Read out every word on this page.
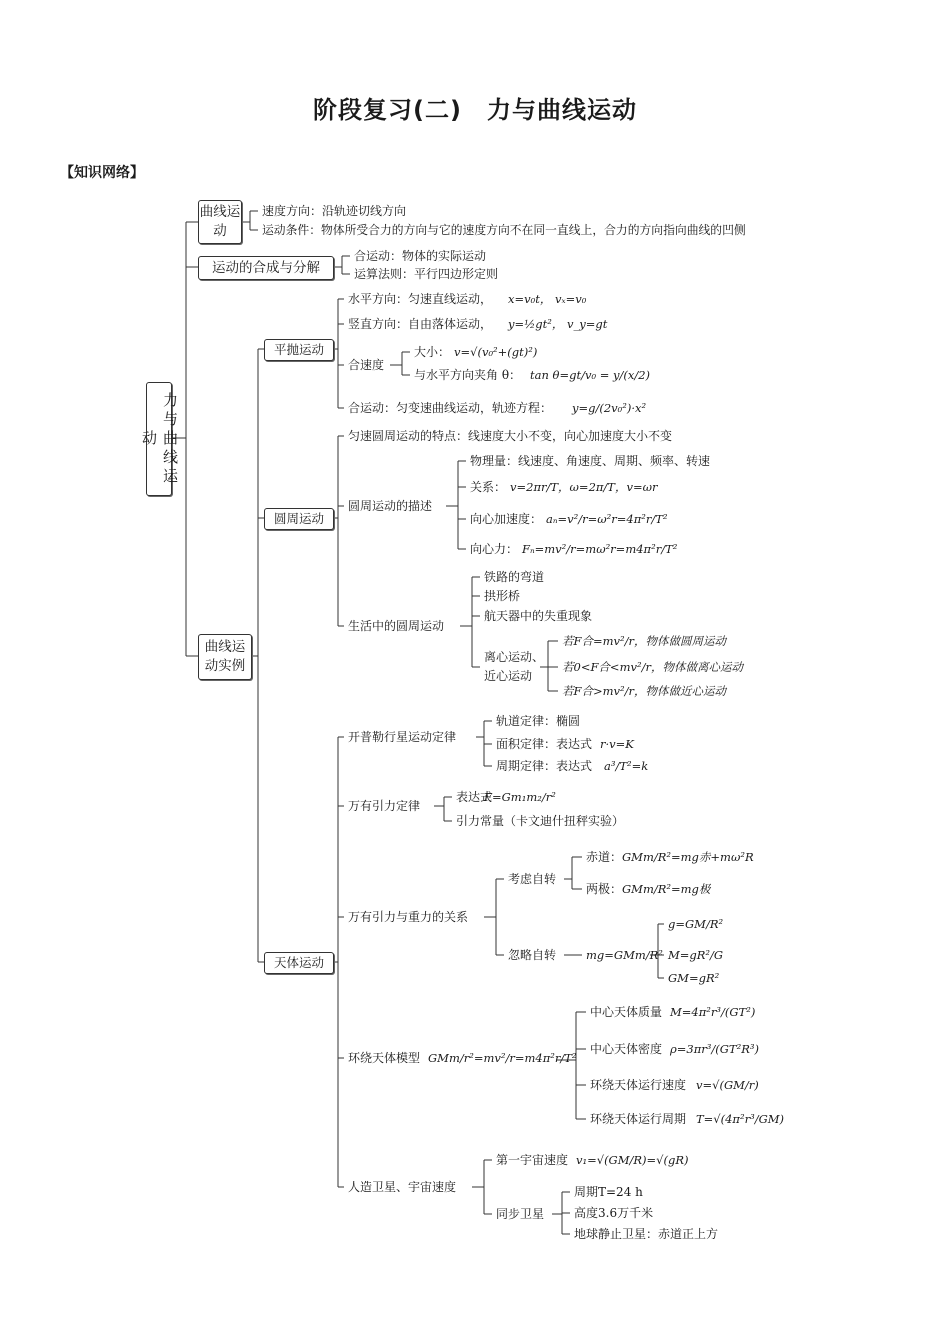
阶段复习(二)　力与曲线运动
【知识网络】
力与曲线运动
曲线运动
运动的合成与分解
曲线运动实例
平抛运动
圆周运动
天体运动
速度方向：沿轨迹切线方向
运动条件：物体所受合力的方向与它的速度方向不在同一直线上，合力的方向指向曲线的凹侧
合运动：物体的实际运动
运算法则：平行四边形定则
水平方向：匀速直线运动， x=v₀t， vₓ=v₀
竖直方向：自由落体运动， y=½gt²， v_y=gt
合速度
大小： v=√(v₀²+(gt)²)
与水平方向夹角 θ： tan θ=gt/v₀ = y/(x/2)
合运动：匀变速曲线运动，轨迹方程： y=g/(2v₀²)·x²
匀速圆周运动的特点：线速度大小不变，向心加速度大小不变
圆周运动的描述
物理量：线速度、角速度、周期、频率、转速
关系： v=2πr/T，ω=2π/T，v=ωr
向心加速度： aₙ=v²/r=ω²r=4π²r/T²
向心力： Fₙ=mv²/r=mω²r=m4π²r/T²
生活中的圆周运动
铁路的弯道
拱形桥
航天器中的失重现象
离心运动、
近心运动
若F合=mv²/r，物体做圆周运动
若0<F合<mv²/r，物体做离心运动
若F合>mv²/r，物体做近心运动
开普勒行星运动定律
轨道定律：椭圆
面积定律：表达式 r·v=K
周期定律：表达式 a³/T²=k
万有引力定律
表达式
F=Gm₁m₂/r²
引力常量（卡文迪什扭秤实验）
万有引力与重力的关系
考虑自转
赤道： GMm/R²=mg赤+mω²R
两极： GMm/R²=mg极
忽略自转	mg=GMm/R²
g=GM/R²
M=gR²/G
GM=gR²
环绕天体模型 GMm/r²=mv²/r=m4π²r/T²
中心天体质量 M=4π²r³/(GT²)
中心天体密度 ρ=3πr³/(GT²R³)
环绕天体运行速度 v=√(GM/r)
环绕天体运行周期 T=√(4π²r³/GM)
人造卫星、宇宙速度
第一宇宙速度 v₁=√(GM/R)=√(gR)
同步卫星
周期T=24 h
高度3.6万千米
地球静止卫星：赤道正上方
